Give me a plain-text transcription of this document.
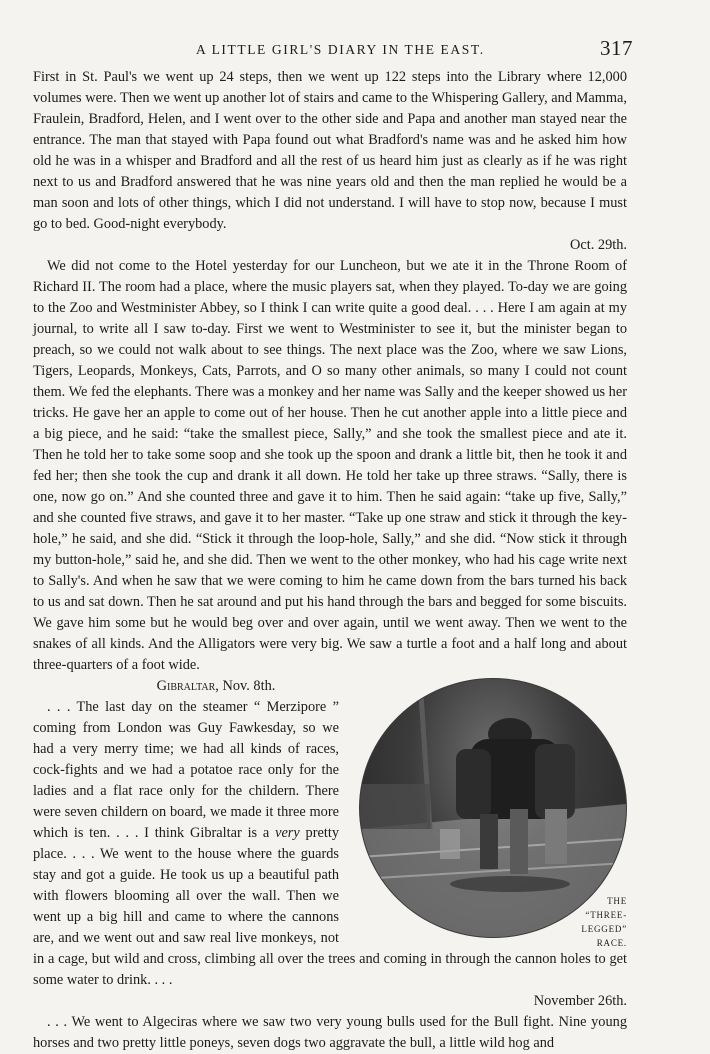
A LITTLE GIRL'S DIARY IN THE EAST.	317

First in St. Paul's we went up 24 steps, then we went up 122 steps into the Library where 12,000 volumes were. Then we went up another lot of stairs and came to the Whispering Gallery, and Mamma, Fraulein, Bradford, Helen, and I went over to the other side and Papa and another man stayed near the entrance. The man that stayed with Papa found out what Bradford's name was and he asked him how old he was in a whisper and Bradford and all the rest of us heard him just as clearly as if he was right next to us and Bradford answered that he was nine years old and then the man replied he would be a man soon and lots of other things, which I did not understand. I will have to stop now, because I must go to bed. Good-night everybody.

Oct. 29th.

We did not come to the Hotel yesterday for our Luncheon, but we ate it in the Throne Room of Richard II. The room had a place, where the music players sat, when they played. To-day we are going to the Zoo and Westminister Abbey, so I think I can write quite a good deal. . . . Here I am again at my journal, to write all I saw to-day. First we went to Westminister to see it, but the minister began to preach, so we could not walk about to see things. The next place was the Zoo, where we saw Lions, Tigers, Leopards, Monkeys, Cats, Parrots, and O so many other animals, so many I could not count them. We fed the elephants. There was a monkey and her name was Sally and the keeper showed us her tricks. He gave her an apple to come out of her house. Then he cut another apple into a little piece and a big piece, and he said: “take the smallest piece, Sally,” and she took the smallest piece and ate it. Then he told her to take some soop and she took up the spoon and drank a little bit, then he took it and fed her; then she took the cup and drank it all down. He told her take up three straws. “Sally, there is one, now go on.” And she counted three and gave it to him. Then he said again: “take up five, Sally,” and she counted five straws, and gave it to her master. “Take up one straw and stick it through the key-hole,” he said, and she did. “Stick it through the loop-hole, Sally,” and she did. “Now stick it through my button-hole,” said he, and she did. Then we went to the other monkey, who had his cage write next to Sally's. And when he saw that we were coming to him he came down from the bars turned his back to us and sat down. Then he sat around and put his hand through the bars and begged for some biscuits. We gave him some but he would beg over and over again, until we went away. Then we went to the snakes of all kinds. And the Alligators were very big. We saw a turtle a foot and a half long and about three-quarters of a foot wide.

THE
“THREE-
LEGGED” RACE.

Gibraltar, Nov. 8th.

. . . The last day on the steamer “ Merzipore ” coming from London was Guy Fawkesday, so we had a very merry time; we had all kinds of races, cock-fights and we had a potatoe race only for the ladies and a flat race only for the childern. There were seven childern on board, we made it three more which is ten. . . . I think Gibraltar is a very pretty place. . . . We went to the house where the guards stay and got a guide. He took us up a beautiful path with flowers blooming all over the wall. Then we went up a big hill and came to where the cannons are, and we went out and saw real live monkeys, not in a cage, but wild and cross, climbing all over the trees and coming in through the cannon holes to get some water to drink. . . .

November 26th.

. . . We went to Algeciras where we saw two very young bulls used for the Bull fight. Nine young horses and two pretty little poneys, seven dogs two aggravate the bull, a little wild hog and
